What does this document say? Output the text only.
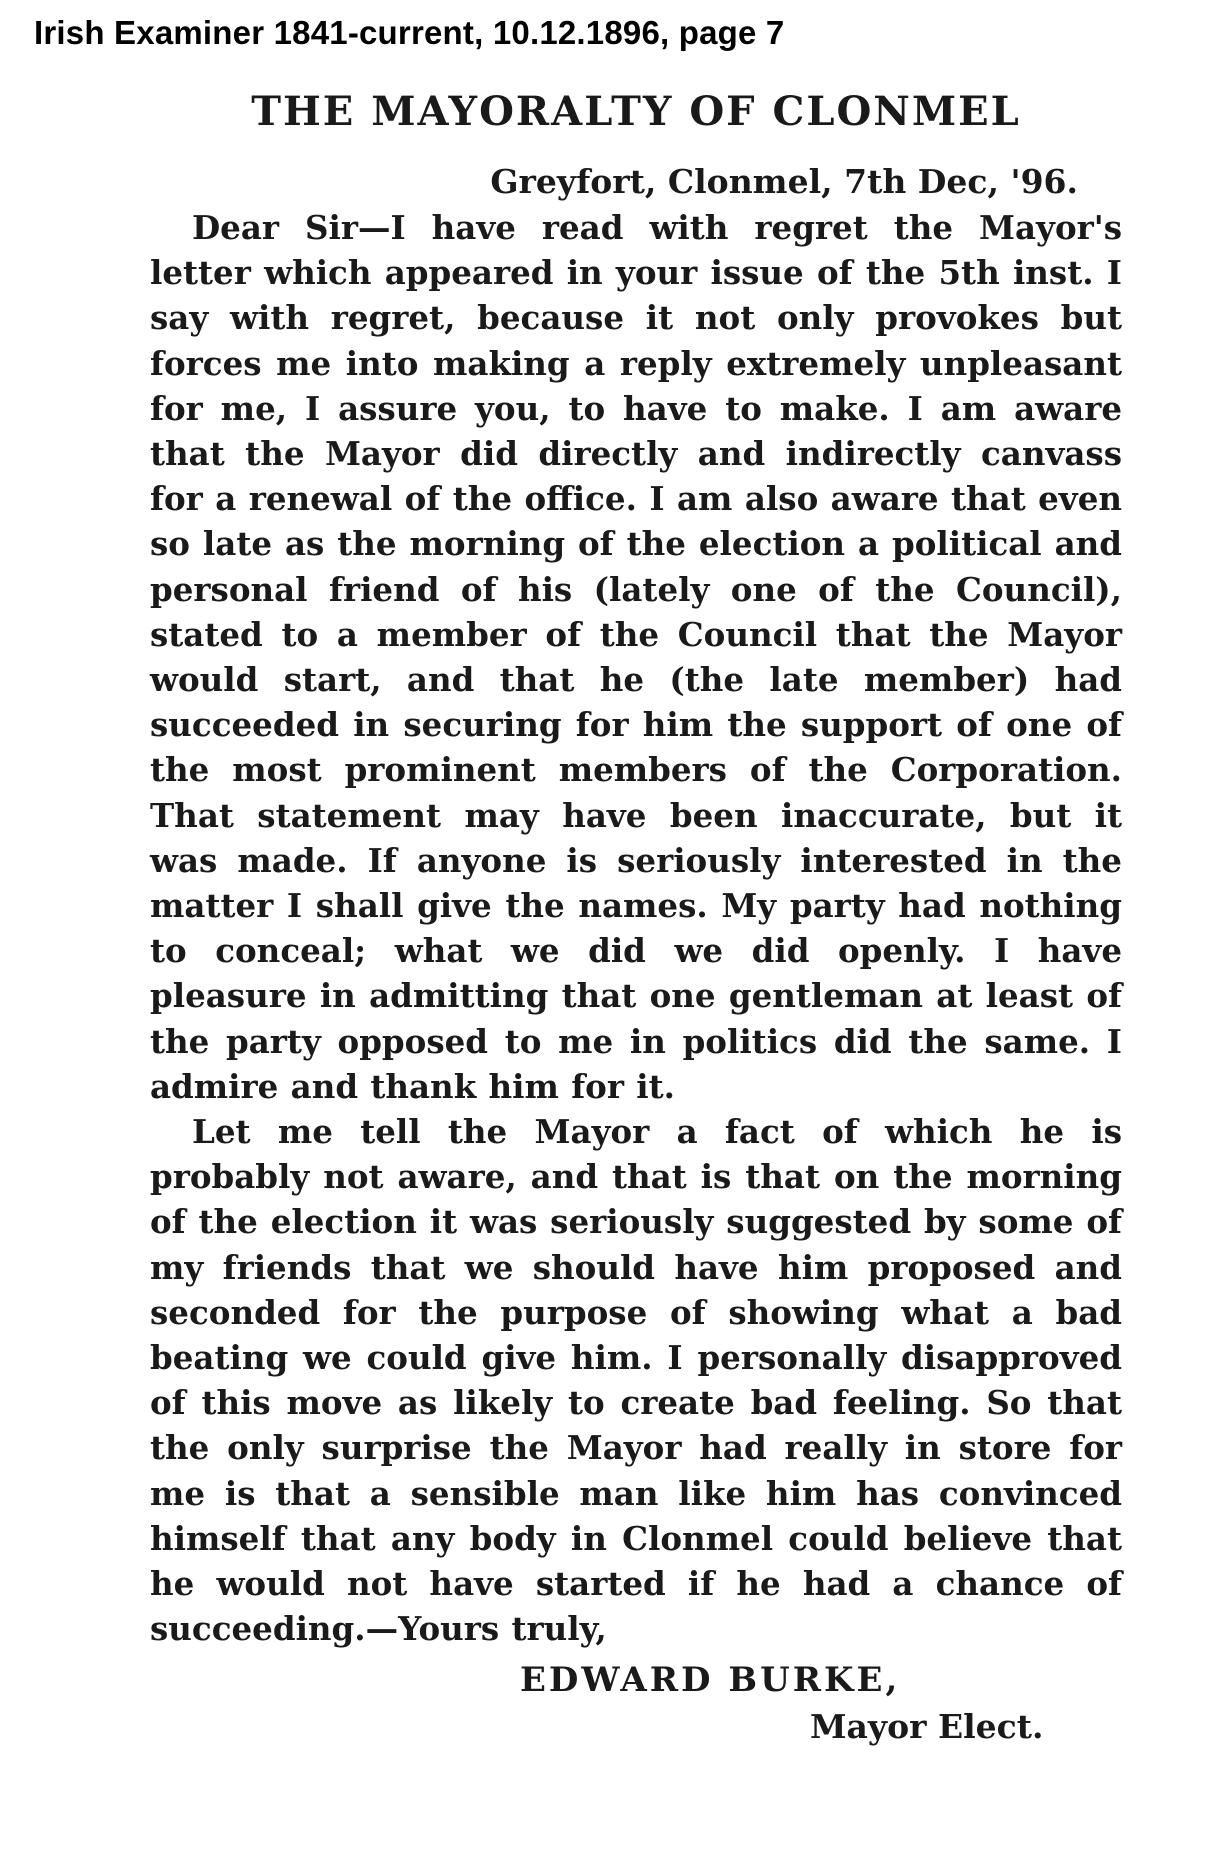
Irish Examiner 1841-current, 10.12.1896, page 7
THE MAYORALTY OF CLONMEL
Greyfort, Clonmel, 7th Dec, '96.

Dear Sir—I have read with regret the Mayor's letter which appeared in your issue of the 5th inst. I say with regret, because it not only provokes but forces me into making a reply extremely unpleasant for me, I assure you, to have to make. I am aware that the Mayor did directly and indirectly canvass for a renewal of the office. I am also aware that even so late as the morning of the election a political and personal friend of his (lately one of the Council), stated to a member of the Council that the Mayor would start, and that he (the late member) had succeeded in securing for him the support of one of the most prominent members of the Corporation. That statement may have been inaccurate, but it was made. If anyone is seriously interested in the matter I shall give the names. My party had nothing to conceal; what we did we did openly. I have pleasure in admitting that one gentleman at least of the party opposed to me in politics did the same. I admire and thank him for it.

Let me tell the Mayor a fact of which he is probably not aware, and that is that on the morning of the election it was seriously suggested by some of my friends that we should have him proposed and seconded for the purpose of showing what a bad beating we could give him. I personally disapproved of this move as likely to create bad feeling. So that the only surprise the Mayor had really in store for me is that a sensible man like him has convinced himself that any body in Clonmel could believe that he would not have started if he had a chance of succeeding.—Yours truly,

EDWARD BURKE,
Mayor Elect.
